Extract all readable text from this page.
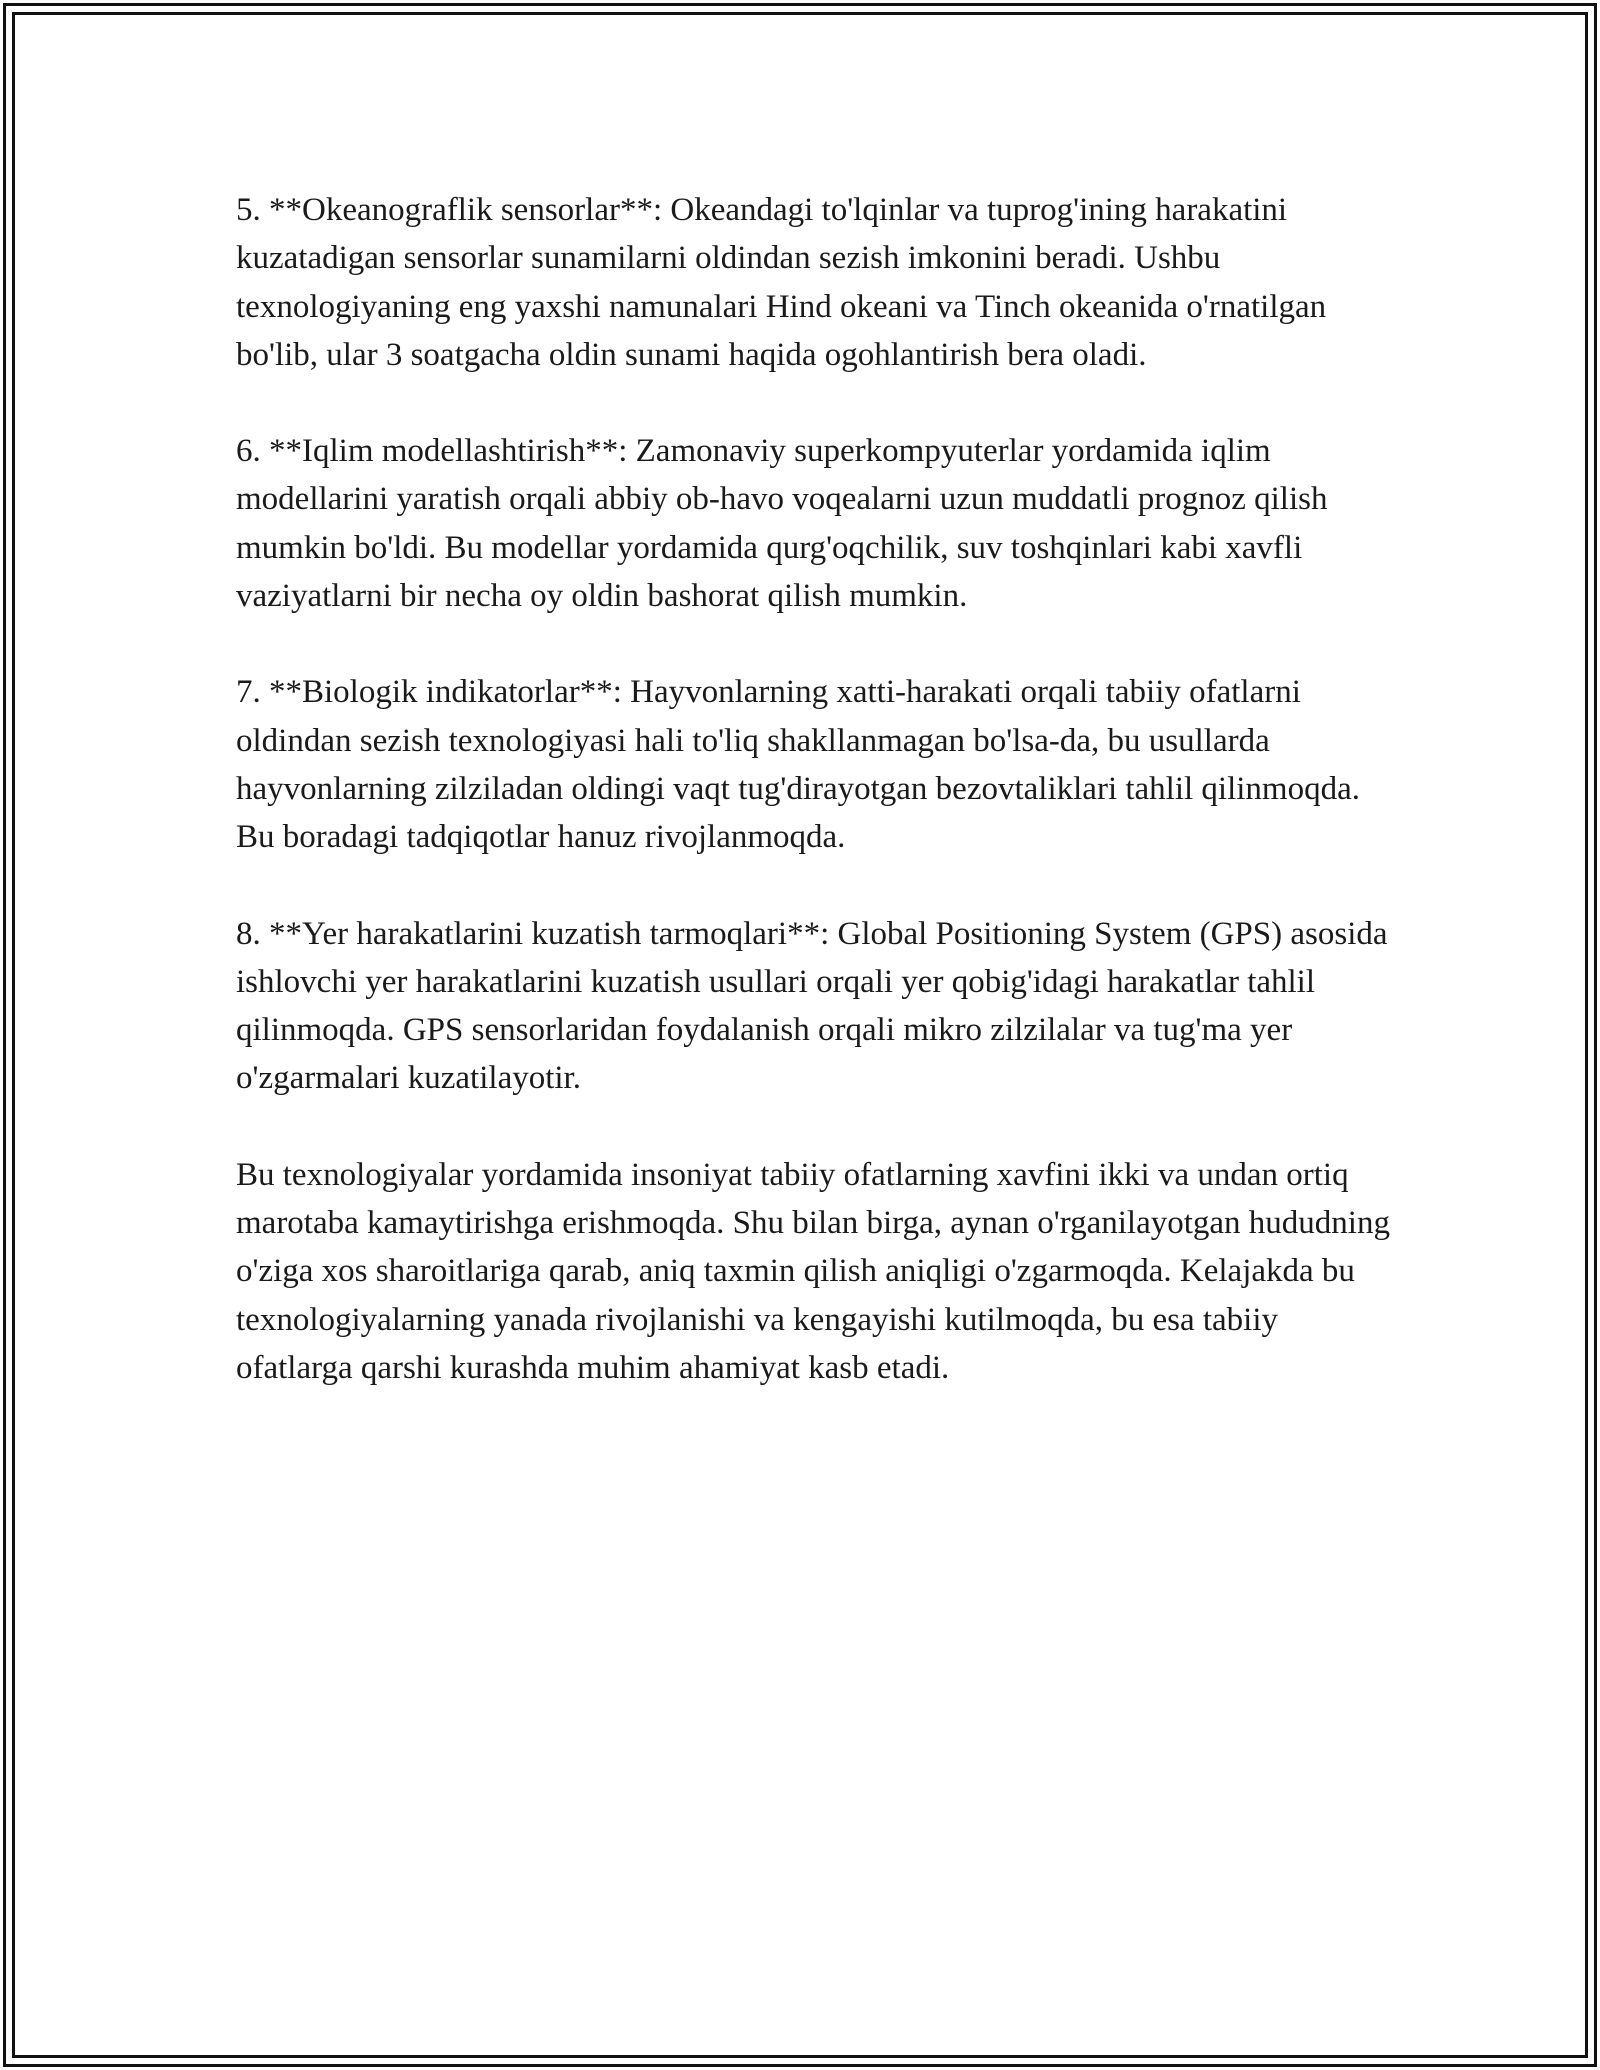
5. **Okeanograflik sensorlar**: Okeandagi to'lqinlar va tuprog'ining harakatini kuzatadigan sensorlar sunamilarni oldindan sezish imkonini beradi. Ushbu texnologiyaning eng yaxshi namunalari Hind okeani va Tinch okeanida o'rnatilgan bo'lib, ular 3 soatgacha oldin sunami haqida ogohlantirish bera oladi.

6. **Iqlim modellashtirish**: Zamonaviy superkompyuterlar yordamida iqlim modellarini yaratish orqali abbiy ob-havo voqealarni uzun muddatli prognoz qilish mumkin bo'ldi. Bu modellar yordamida qurg'oqchilik, suv toshqinlari kabi xavfli vaziyatlarni bir necha oy oldin bashorat qilish mumkin.

7. **Biologik indikatorlar**: Hayvonlarning xatti-harakati orqali tabiiy ofatlarni oldindan sezish texnologiyasi hali to'liq shakllanmagan bo'lsa-da, bu usullarda hayvonlarning zilziladan oldingi vaqt tug'dirayotgan bezovtaliklari tahlil qilinmoqda. Bu boradagi tadqiqotlar hanuz rivojlanmoqda.

8. **Yer harakatlarini kuzatish tarmoqlari**: Global Positioning System (GPS) asosida ishlovchi yer harakatlarini kuzatish usullari orqali yer qobig'idagi harakatlar tahlil qilinmoqda. GPS sensorlaridan foydalanish orqali mikro zilzilalar va tug'ma yer o'zgarmalari kuzatilayotir.

Bu texnologiyalar yordamida insoniyat tabiiy ofatlarning xavfini ikki va undan ortiq marotaba kamaytirishga erishmoqda. Shu bilan birga, aynan o'rganilayotgan hududning o'ziga xos sharoitlariga qarab, aniq taxmin qilish aniqligi o'zgarmoqda. Kelajakda bu texnologiyalarning yanada rivojlanishi va kengayishi kutilmoqda, bu esa tabiiy ofatlarga qarshi kurashda muhim ahamiyat kasb etadi.
